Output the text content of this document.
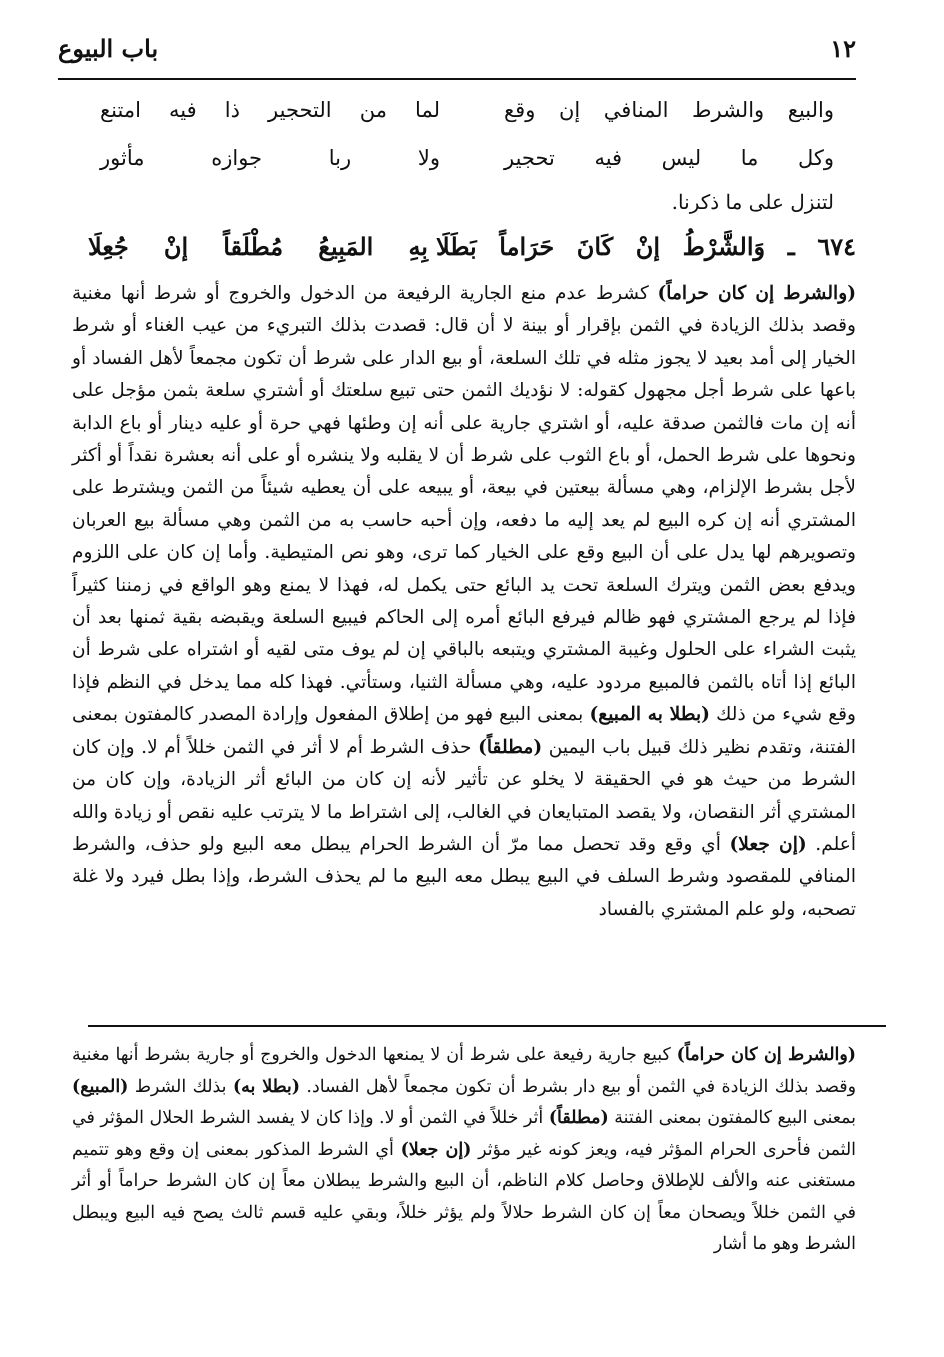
١٢
باب البيوع
والبيع والشرط المنافي إن وقع
لما من التحجير ذا فيه امتنع
وكل ما ليس فيه تحجير
ولا ربا جوازه مأثور
لتنزل على ما ذكرنا.
٦٧٤ ـ وَالشَّرْطُ إنْ كَانَ حَرَاماً بَطَلَا
بِهِ المَبِيعُ مُطْلَقاً إنْ جُعِلَا
(والشرط إن كان حراماً) كشرط عدم منع الجارية الرفيعة من الدخول والخروج أو شرط أنها مغنية وقصد بذلك الزيادة في الثمن بإقرار أو بينة لا أن قال: قصدت بذلك التبريء من عيب الغناء أو شرط الخيار إلى أمد بعيد لا يجوز مثله في تلك السلعة، أو بيع الدار على شرط أن تكون مجمعاً لأهل الفساد أو باعها على شرط أجل مجهول كقوله: لا نؤديك الثمن حتى تبيع سلعتك أو أشتري سلعة بثمن مؤجل على أنه إن مات فالثمن صدقة عليه، أو اشتري جارية على أنه إن وطئها فهي حرة أو عليه دينار أو باع الدابة ونحوها على شرط الحمل، أو باع الثوب على شرط أن لا يقلبه ولا ينشره أو على أنه بعشرة نقداً أو أكثر لأجل بشرط الإلزام، وهي مسألة بيعتين في بيعة، أو يبيعه على أن يعطيه شيئاً من الثمن ويشترط على المشتري أنه إن كره البيع لم يعد إليه ما دفعه، وإن أحبه حاسب به من الثمن وهي مسألة بيع العربان وتصويرهم لها يدل على أن البيع وقع على الخيار كما ترى، وهو نص المتيطية. وأما إن كان على اللزوم ويدفع بعض الثمن ويترك السلعة تحت يد البائع حتى يكمل له، فهذا لا يمنع وهو الواقع في زمننا كثيراً فإذا لم يرجع المشتري فهو ظالم فيرفع البائع أمره إلى الحاكم فيبيع السلعة ويقبضه بقية ثمنها بعد أن يثبت الشراء على الحلول وغيبة المشتري ويتبعه بالباقي إن لم يوف متى لقيه أو اشتراه على شرط أن البائع إذا أتاه بالثمن فالمبيع مردود عليه، وهي مسألة الثنيا، وستأتي. فهذا كله مما يدخل في النظم فإذا وقع شيء من ذلك (بطلا به المبيع) بمعنى البيع فهو من إطلاق المفعول وإرادة المصدر كالمفتون بمعنى الفتنة، وتقدم نظير ذلك قبيل باب اليمين (مطلقاً) حذف الشرط أم لا أثر في الثمن خللاً أم لا. وإن كان الشرط من حيث هو في الحقيقة لا يخلو عن تأثير لأنه إن كان من البائع أثر الزيادة، وإن كان من المشتري أثر النقصان، ولا يقصد المتبايعان في الغالب، إلى اشتراط ما لا يترتب عليه نقص أو زيادة والله أعلم. (إن جعلا) أي وقع وقد تحصل مما مرّ أن الشرط الحرام يبطل معه البيع ولو حذف، والشرط المنافي للمقصود وشرط السلف في البيع يبطل معه البيع ما لم يحذف الشرط، وإذا بطل فيرد ولا غلة تصحبه، ولو علم المشتري بالفساد
(والشرط إن كان حراماً) كبيع جارية رفيعة على شرط أن لا يمنعها الدخول والخروج أو جارية بشرط أنها مغنية وقصد بذلك الزيادة في الثمن أو بيع دار بشرط أن تكون مجمعاً لأهل الفساد. (بطلا به) بذلك الشرط (المبيع) بمعنى البيع كالمفتون بمعنى الفتنة (مطلقاً) أثر خللاً في الثمن أو لا. وإذا كان لا يفسد الشرط الحلال المؤثر في الثمن فأحرى الحرام المؤثر فيه، ويعز كونه غير مؤثر (إن جعلا) أي الشرط المذكور بمعنى إن وقع وهو تتميم مستغنى عنه والألف للإطلاق وحاصل كلام الناظم، أن البيع والشرط يبطلان معاً إن كان الشرط حراماً أو أثر في الثمن خللاً ويصحان معاً إن كان الشرط حلالاً ولم يؤثر خللاً، وبقي عليه قسم ثالث يصح فيه البيع ويبطل الشرط وهو ما أشار
